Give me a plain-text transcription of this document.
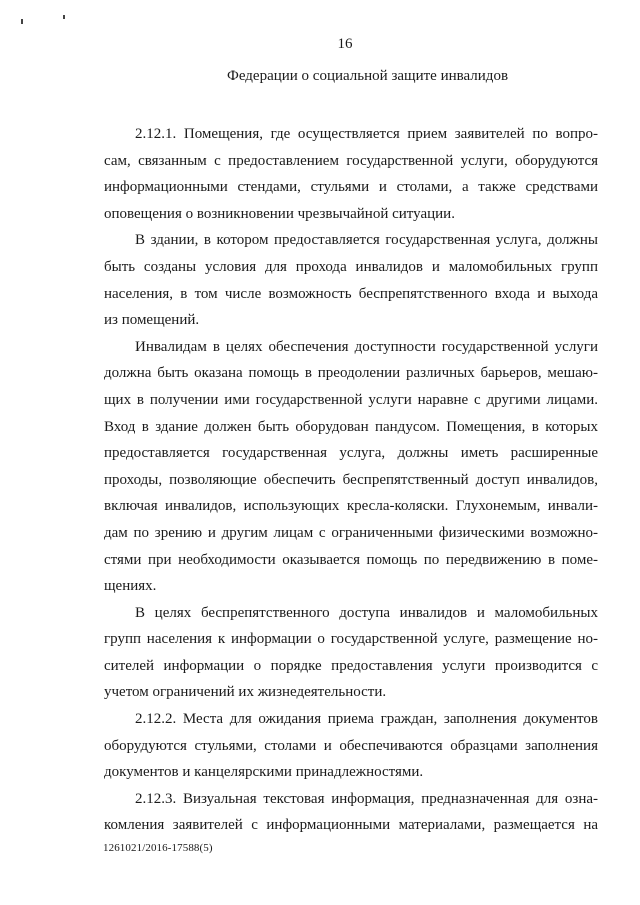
16
Федерации о социальной защите инвалидов

2.12.1. Помещения, где осуществляется прием заявителей по вопро-
сам, связанным с предоставлением государственной услуги, оборудуются
информационными стендами, стульями и столами, а также средствами
оповещения о возникновении чрезвычайной ситуации.

В здании, в котором предоставляется государственная услуга, должны
быть созданы условия для прохода инвалидов и маломобильных групп
населения, в том числе возможность беспрепятственного входа и выхода
из помещений.

Инвалидам в целях обеспечения доступности государственной услуги
должна быть оказана помощь в преодолении различных барьеров, мешаю-
щих в получении ими государственной услуги наравне с другими лицами.
Вход в здание должен быть оборудован пандусом. Помещения, в которых
предоставляется государственная услуга, должны иметь расширенные
проходы, позволяющие обеспечить беспрепятственный доступ инвалидов,
включая инвалидов, использующих кресла-коляски. Глухонемым, инвали-
дам по зрению и другим лицам с ограниченными физическими возможно-
стями при необходимости оказывается помощь по передвижению в поме-
щениях.

В целях беспрепятственного доступа инвалидов и маломобильных
групп населения к информации о государственной услуге, размещение но-
сителей информации о порядке предоставления услуги производится с
учетом ограничений их жизнедеятельности.

2.12.2. Места для ожидания приема граждан, заполнения документов
оборудуются стульями, столами и обеспечиваются образцами заполнения
документов и канцелярскими принадлежностями.

2.12.3. Визуальная текстовая информация, предназначенная для озна-
комления заявителей с информационными материалами, размещается на

1261021/2016-17588(5)
